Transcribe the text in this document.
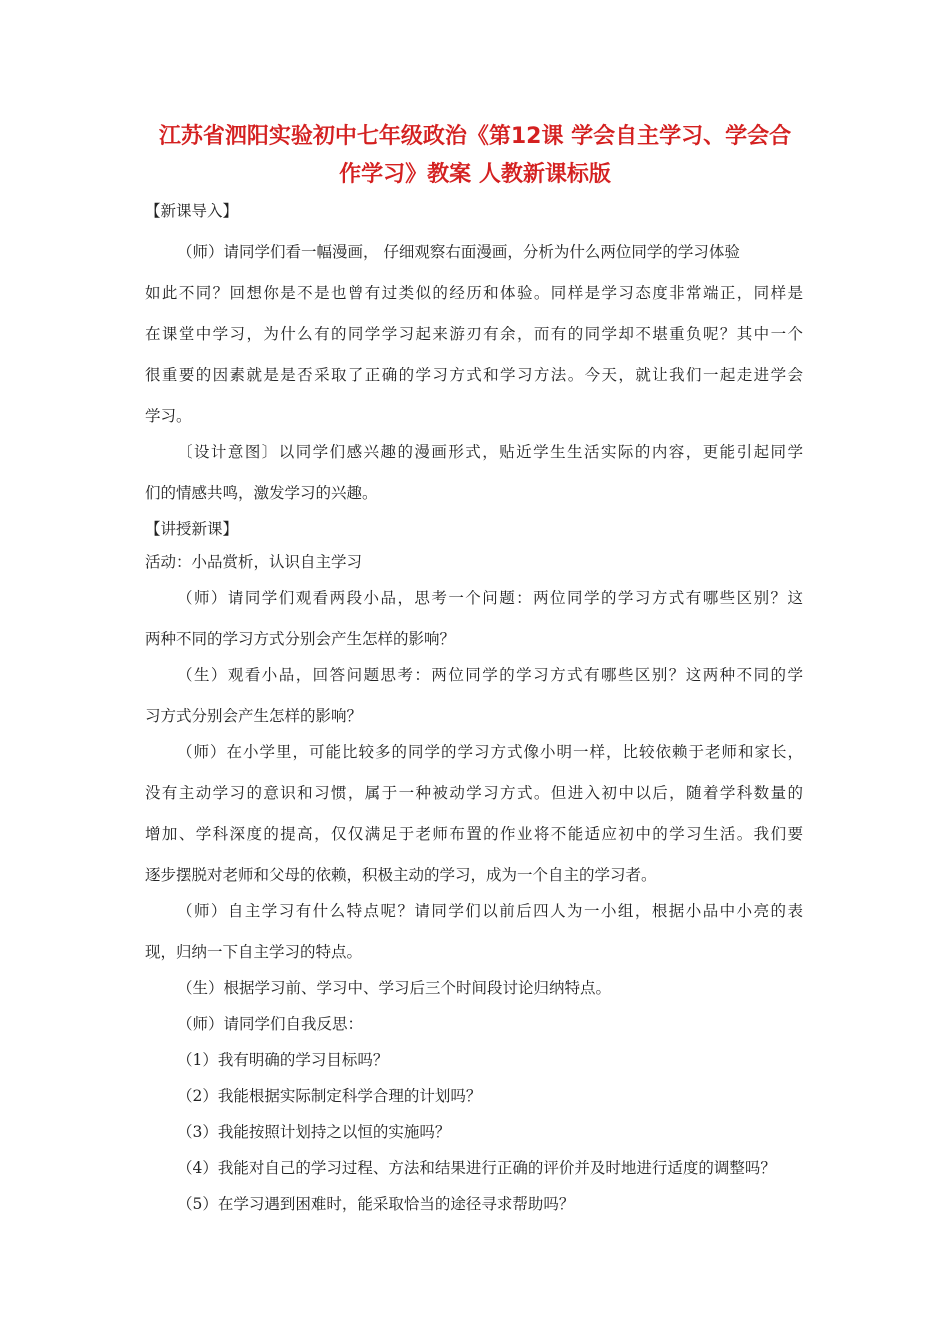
江苏省泗阳实验初中七年级政治《第12课 学会自主学习、学会合
作学习》教案 人教新课标版
【新课导入】
（师）请同学们看一幅漫画， 仔细观察右面漫画，分析为什么两位同学的学习体验
如此不同？回想你是不是也曾有过类似的经历和体验。同样是学习态度非常端正，同样是
在课堂中学习，为什么有的同学学习起来游刃有余，而有的同学却不堪重负呢？其中一个
很重要的因素就是是否采取了正确的学习方式和学习方法。今天，就让我们一起走进学会
学习。
〔设计意图〕以同学们感兴趣的漫画形式，贴近学生生活实际的内容，更能引起同学
们的情感共鸣，激发学习的兴趣。
【讲授新课】
活动：小品赏析，认识自主学习
（师）请同学们观看两段小品，思考一个问题：两位同学的学习方式有哪些区别？这
两种不同的学习方式分别会产生怎样的影响？
（生）观看小品，回答问题思考：两位同学的学习方式有哪些区别？这两种不同的学
习方式分别会产生怎样的影响？
（师）在小学里，可能比较多的同学的学习方式像小明一样，比较依赖于老师和家长，
没有主动学习的意识和习惯，属于一种被动学习方式。但进入初中以后，随着学科数量的
增加、学科深度的提高，仅仅满足于老师布置的作业将不能适应初中的学习生活。我们要
逐步摆脱对老师和父母的依赖，积极主动的学习，成为一个自主的学习者。
（师）自主学习有什么特点呢？请同学们以前后四人为一小组，根据小品中小亮的表
现，归纳一下自主学习的特点。
（生）根据学习前、学习中、学习后三个时间段讨论归纳特点。
（师）请同学们自我反思：
（1）我有明确的学习目标吗？
（2）我能根据实际制定科学合理的计划吗？
（3）我能按照计划持之以恒的实施吗？
（4）我能对自己的学习过程、方法和结果进行正确的评价并及时地进行适度的调整吗？
（5）在学习遇到困难时，能采取恰当的途径寻求帮助吗？
